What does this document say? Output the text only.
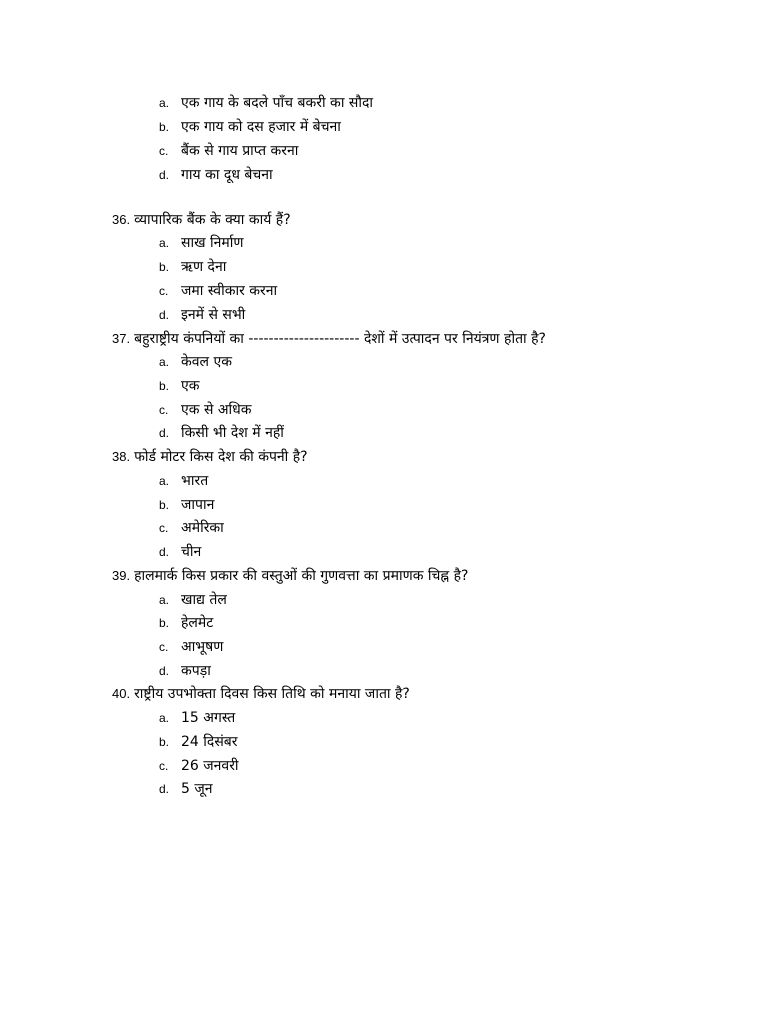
a. एक गाय के बदले पाँच बकरी का सौदा
b. एक गाय को दस हजार में बेचना
c. बैंक से गाय प्राप्त करना
d. गाय का दूध बेचना
36. व्यापारिक बैंक के क्या कार्य हैं?
a. साख निर्माण
b. ऋण देना
c. जमा स्वीकार करना
d. इनमें से सभी
37. बहुराष्ट्रीय कंपनियों का ---------------------- देशों में उत्पादन पर नियंत्रण होता है?
a. केवल एक
b. एक
c. एक से अधिक
d. किसी भी देश में नहीं
38. फोर्ड मोटर किस देश की कंपनी है?
a. भारत
b. जापान
c. अमेरिका
d. चीन
39. हालमार्क किस प्रकार की वस्तुओं की गुणवत्ता का प्रमाणक चिह्न है?
a. खाद्य तेल
b. हेलमेट
c. आभूषण
d. कपड़ा
40. राष्ट्रीय उपभोक्ता दिवस किस तिथि को मनाया जाता है?
a. 15 अगस्त
b. 24 दिसंबर
c. 26 जनवरी
d. 5 जून
